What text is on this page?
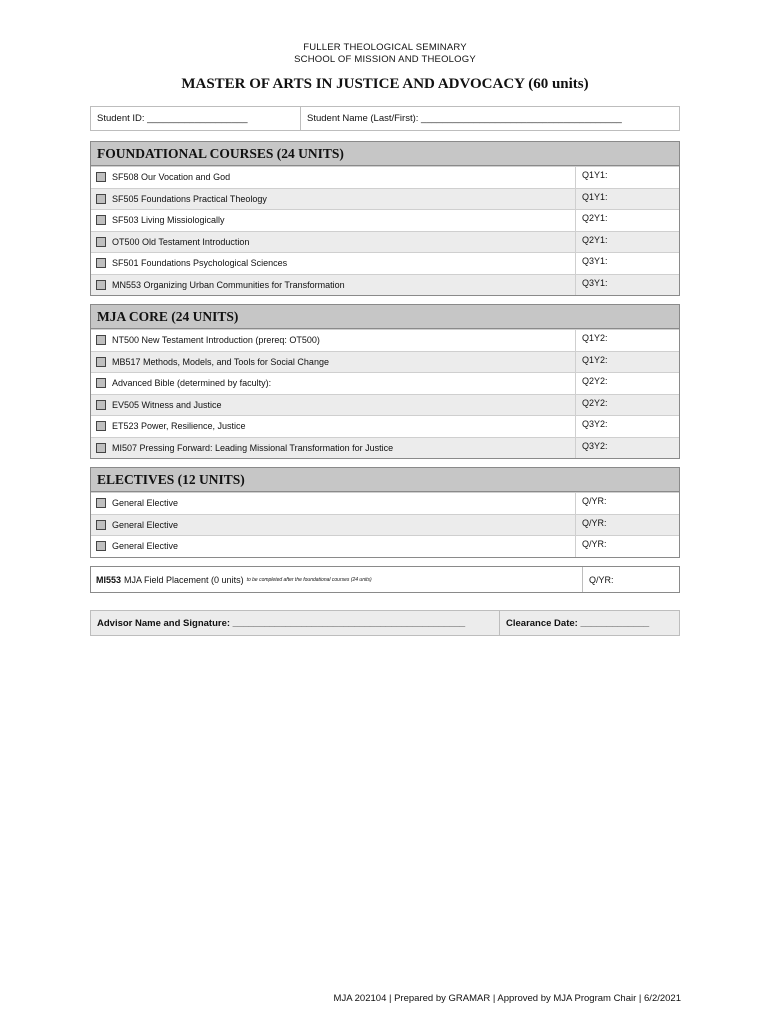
FULLER THEOLOGICAL SEMINARY
SCHOOL OF MISSION AND THEOLOGY
MASTER OF ARTS IN JUSTICE AND ADVOCACY (60 units)
Student ID: ___________________	Student Name (Last/First): ______________________________________
FOUNDATIONAL COURSES (24 UNITS)
SF508 Our Vocation and God	Q1Y1:
SF505 Foundations Practical Theology	Q1Y1:
SF503 Living Missiologically	Q2Y1:
OT500 Old Testament Introduction	Q2Y1:
SF501 Foundations Psychological Sciences	Q3Y1:
MN553 Organizing Urban Communities for Transformation	Q3Y1:
MJA CORE (24 UNITS)
NT500 New Testament Introduction (prereq: OT500)	Q1Y2:
MB517 Methods, Models, and Tools for Social Change	Q1Y2:
Advanced Bible (determined by faculty):	Q2Y2:
EV505 Witness and Justice	Q2Y2:
ET523 Power, Resilience, Justice	Q3Y2:
MI507 Pressing Forward: Leading Missional Transformation for Justice	Q3Y2:
ELECTIVES (12 UNITS)
General Elective	Q/YR:
General Elective	Q/YR:
General Elective	Q/YR:
MI553 MJA Field Placement (0 units) to be completed after the foundational courses (24 units)	Q/YR:
Advisor Name and Signature: ____________________________________________	Clearance Date: _____________
MJA 202104 | Prepared by GRAMAR | Approved by MJA Program Chair | 6/2/2021
